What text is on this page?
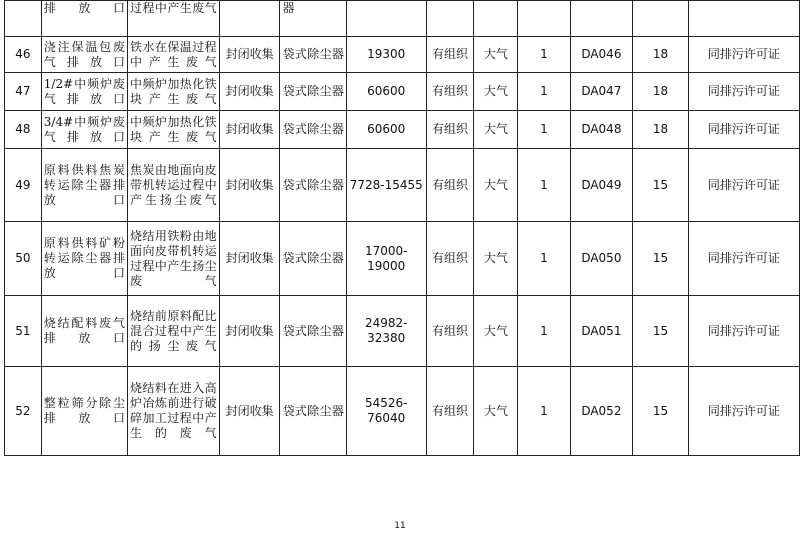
	排放口	过程中产生废气		器							
46	浇注保温包废气排放口	铁水在保温过程中产生废气	封闭收集	袋式除尘器	19300	有组织	大气	1	DA046	18	同排污许可证
47	1/2#中频炉废气排放口	中频炉加热化铁块产生废气	封闭收集	袋式除尘器	60600	有组织	大气	1	DA047	18	同排污许可证
48	3/4#中频炉废气排放口	中频炉加热化铁块产生废气	封闭收集	袋式除尘器	60600	有组织	大气	1	DA048	18	同排污许可证
49	原料供料焦炭转运除尘器排放口	焦炭由地面向皮带机转运过程中产生扬尘废气	封闭收集	袋式除尘器	7728-15455	有组织	大气	1	DA049	15	同排污许可证
50	原料供料矿粉转运除尘器排放口	烧结用铁粉由地面向皮带机转运过程中产生扬尘废气	封闭收集	袋式除尘器	17000-19000	有组织	大气	1	DA050	15	同排污许可证
51	烧结配料废气排放口	烧结前原料配比混合过程中产生的扬尘废气	封闭收集	袋式除尘器	24982-32380	有组织	大气	1	DA051	15	同排污许可证
52	整粒筛分除尘排放口	烧结料在进入高炉冶炼前进行破碎加工过程中产生的废气	封闭收集	袋式除尘器	54526-76040	有组织	大气	1	DA052	15	同排污许可证
11
